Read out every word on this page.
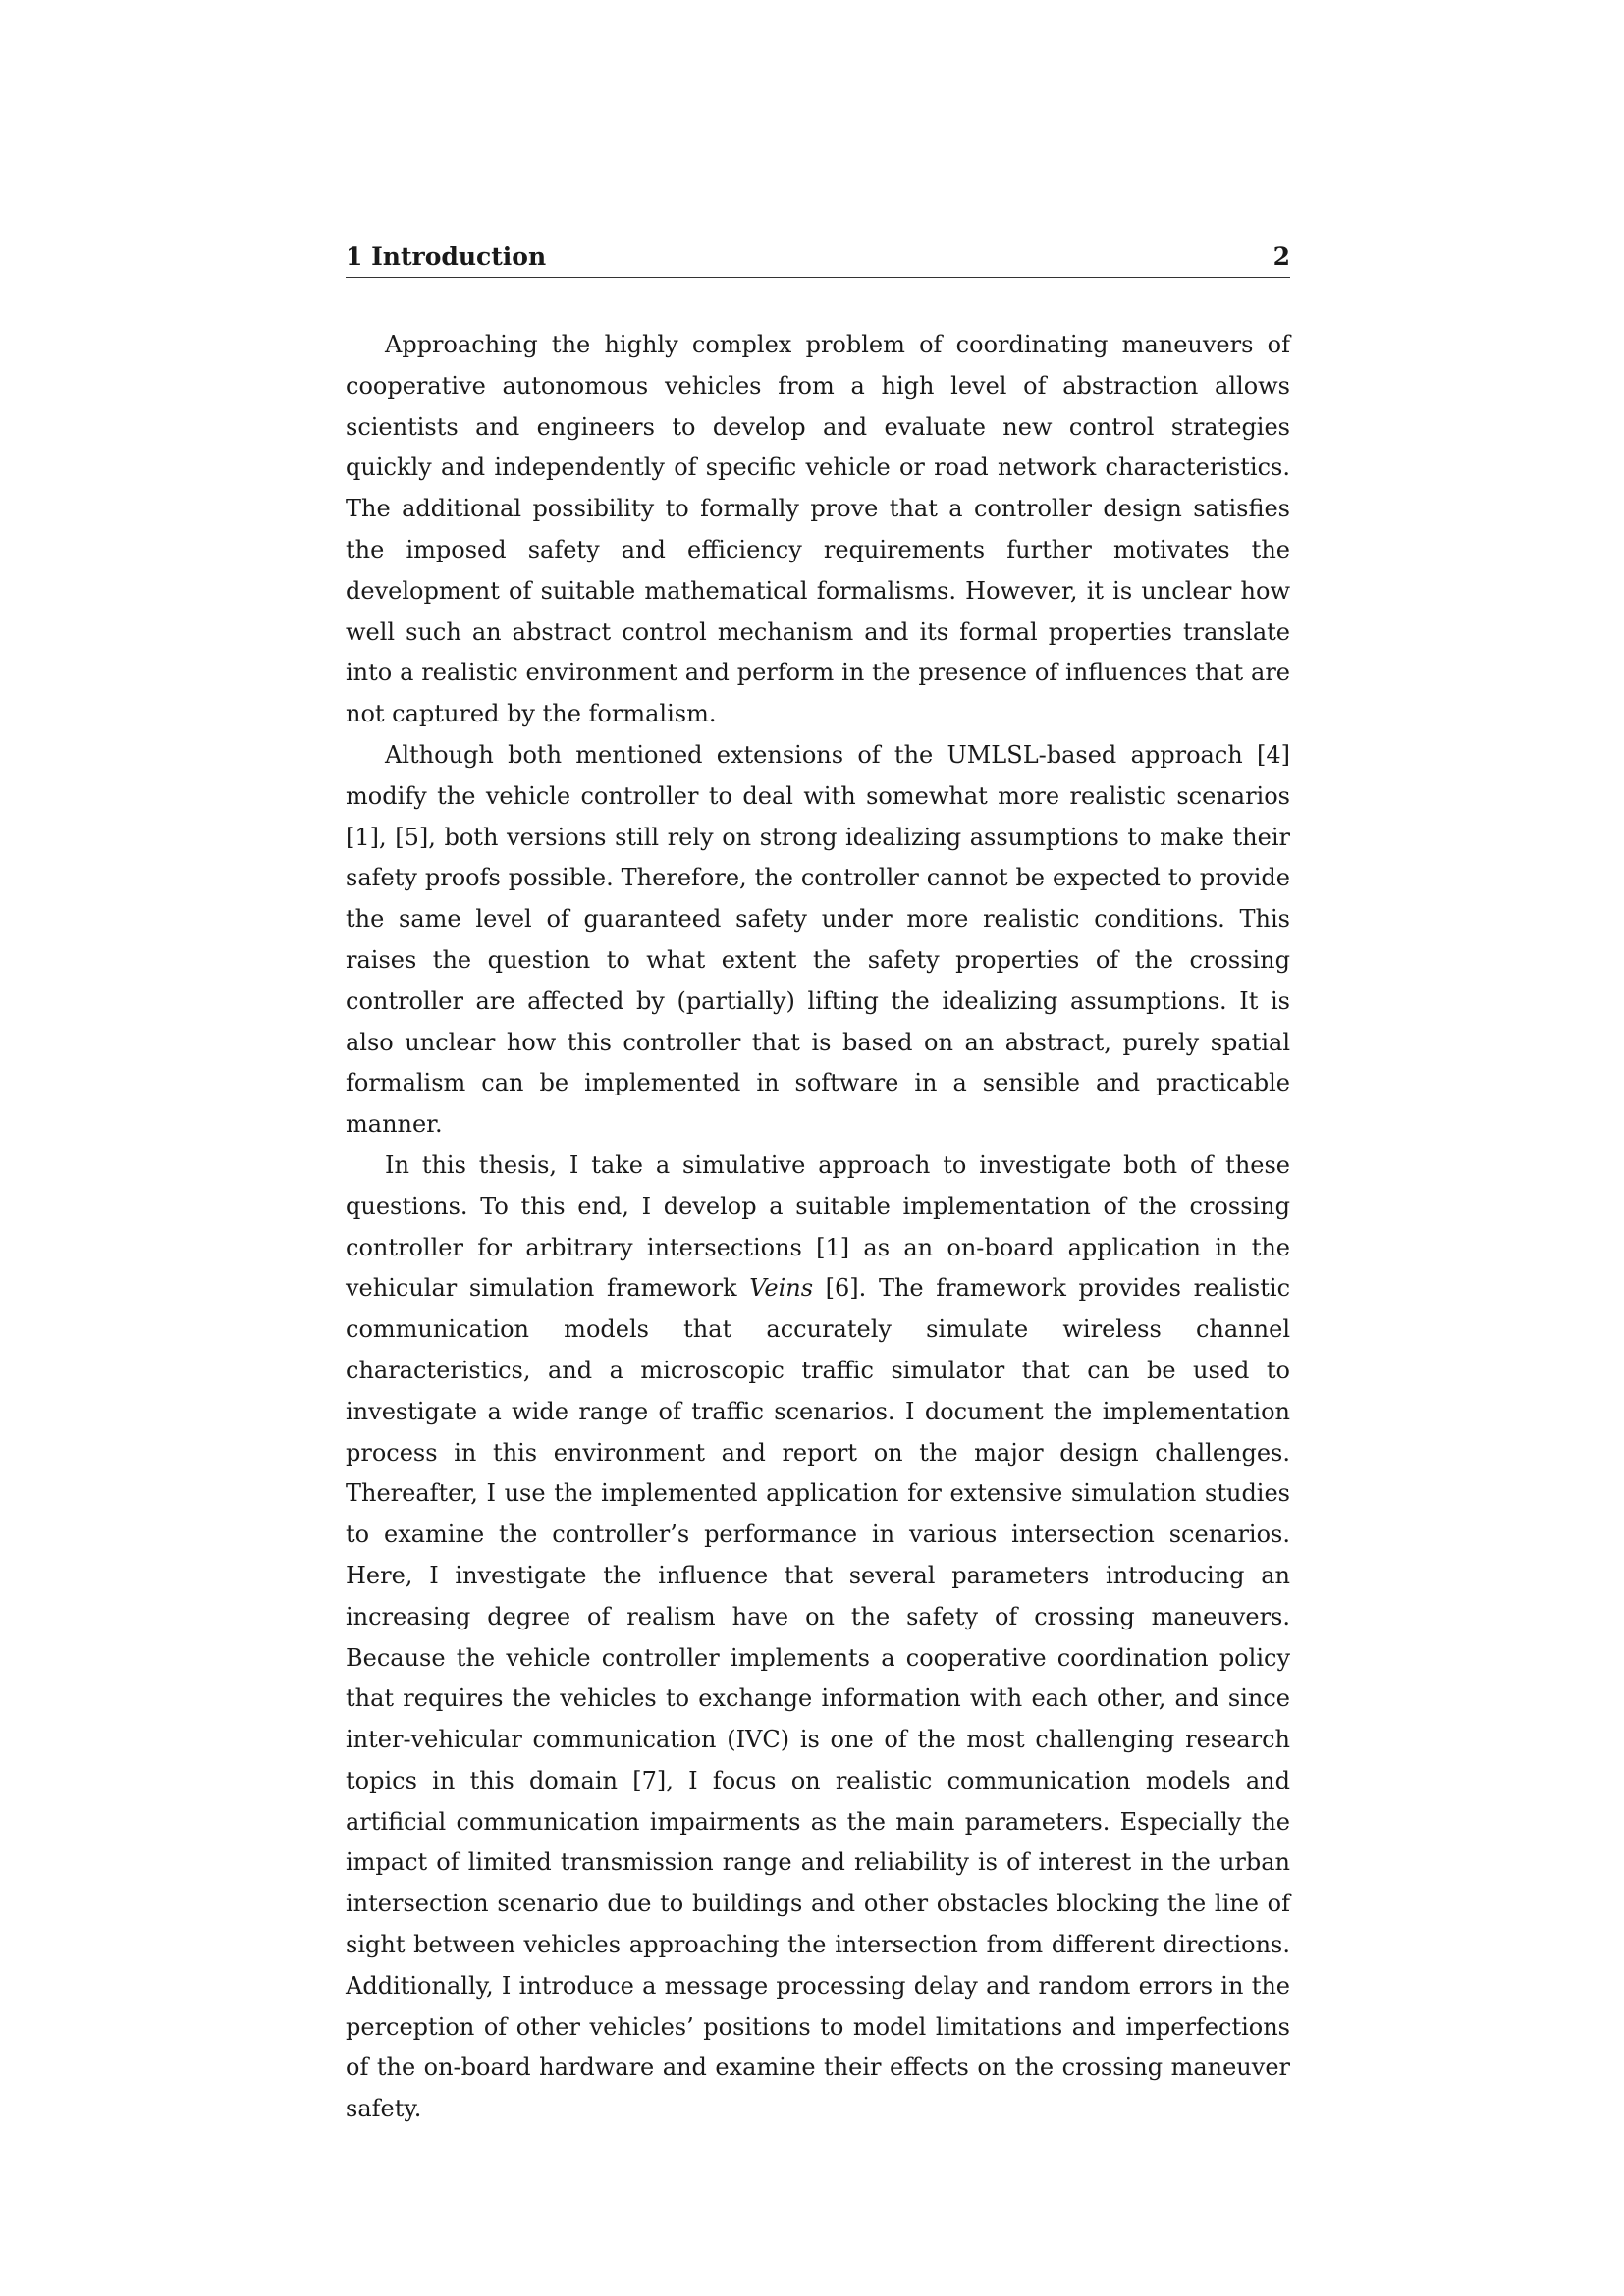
1 Introduction	2

Approaching the highly complex problem of coordinating maneuvers of cooperative autonomous vehicles from a high level of abstraction allows scientists and engineers to develop and evaluate new control strategies quickly and independently of specific vehicle or road network characteristics. The additional possibility to formally prove that a controller design satisfies the imposed safety and efficiency requirements further motivates the development of suitable mathematical formalisms. However, it is unclear how well such an abstract control mechanism and its formal properties translate into a realistic environment and perform in the presence of influences that are not captured by the formalism.

Although both mentioned extensions of the UMLSL-based approach [4] modify the vehicle controller to deal with somewhat more realistic scenarios [1], [5], both versions still rely on strong idealizing assumptions to make their safety proofs possible. Therefore, the controller cannot be expected to provide the same level of guaranteed safety under more realistic conditions. This raises the question to what extent the safety properties of the crossing controller are affected by (partially) lifting the idealizing assumptions. It is also unclear how this controller that is based on an abstract, purely spatial formalism can be implemented in software in a sensible and practicable manner.

In this thesis, I take a simulative approach to investigate both of these questions. To this end, I develop a suitable implementation of the crossing controller for arbitrary intersections [1] as an on-board application in the vehicular simulation framework Veins [6]. The framework provides realistic communication models that accurately simulate wireless channel characteristics, and a microscopic traffic simulator that can be used to investigate a wide range of traffic scenarios. I document the implementation process in this environment and report on the major design challenges. Thereafter, I use the implemented application for extensive simulation studies to examine the controller’s performance in various intersection scenarios. Here, I investigate the influence that several parameters introducing an increasing degree of realism have on the safety of crossing maneuvers. Because the vehicle controller implements a cooperative coordination policy that requires the vehicles to exchange information with each other, and since inter-vehicular communication (IVC) is one of the most challenging research topics in this domain [7], I focus on realistic communication models and artificial communication impairments as the main parameters. Especially the impact of limited transmission range and reliability is of interest in the urban intersection scenario due to buildings and other obstacles blocking the line of sight between vehicles approaching the intersection from different directions. Additionally, I introduce a message processing delay and random errors in the perception of other vehicles’ positions to model limitations and imperfections of the on-board hardware and examine their effects on the crossing maneuver safety.
